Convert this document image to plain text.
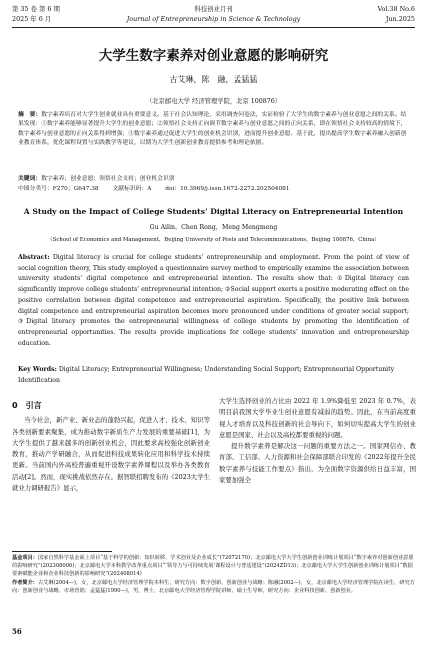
第 35 卷 第 6 期	科技创业月刊	Vol.38 No.6
2025 年 6 月	Journal of Entrepreneurship in Science & Technology	Jun.2025
大学生数字素养对创业意愿的影响研究
古艾琳，陈　融，孟猛猛
（北京邮电大学 经济管理学院，北京 100876）
摘　要：数字素养培育对大学生创业就业具有重要意义。基于社会认知理论，采用调查问卷法，实证检验了大学生的数字素养与创业意愿之间的关系。结果发现：①数字素养能够显著提升大学生的创业意愿；②领悟社会支持正向调节数字素养与创业意愿之间的正向关系，即在领悟社会支持较高的情境下，数字素养与创业意愿的正向关系得到增强；③数字素养通过促进大学生的创业机会识别，进而提升创业意愿。基于此，提出提高学生数字素养融入创新创业教育体系，优化课程设置与实践教学等建议，以期为大学生创新创业教育提供参考和理论依据。
关键词：数字素养；创业意愿；领悟社会支持；创业机会识别
中图分类号：F270；G647.38 文献标识码：A doi：10.3969/j.issn.1672-2272.202504081
A Study on the Impact of College Students’ Digital Literacy on Entrepreneurial Intention
Gu Ailin，Chen Rong，Meng Mengmeng
（School of Economics and Management，Beijing University of Posts and Telecommunications，Beijing 100876，China）
Abstract: Digital literacy is crucial for college students’ entrepreneurship and employment. From the point of view of social cognition theory, This study employed a questionnaire survey method to empirically examine the association between university students’ digital competence and entrepreneurial intention. The results show that: ①Digital literacy can significantly improve college students’ entrepreneurial intention; ②Social support exerts a positive moderating effect on the positive correlation between digital competence and entrepreneurial aspiration. Specifically, the positive link between digital competence and entrepreneurial aspiration becomes more pronounced under conditions of greater social support; ③Digital literacy promotes the entrepreneurial willingness of college students by promoting the identification of entrepreneurial opportunities. The results provide implications for college students’ innovation and entrepreneurship education.
Key Words: Digital Literacy; Entrepreneurial Willingness; Understanding Social Support; Entrepreneurial Opportunity Identification
0　引言

当今社会，新产业、新业态的蓬勃兴起，促进人才、技术、知识等各类创新要素聚集，成为推动数字新质生产力发展的重要基础[1]，为大学生提供了越来越多的创新创业机会，因此要求高校强化创新创业教育，推动产学研融合，从而促进科技成果转化应用和科学技术持续更新。当前国内外高校普遍重视开设数字素养课程以及举办各类教育活动[2]。然而，现实挑战依然存在。据智联招聘发布的《2023大学生就业力调研报告》显示，

大学生选择创业的占比由 2022 年 1.9%降低至 2023 年 0.7%，表明目前我国大学毕业生创业意愿有减弱的趋势。因此，在当前高度重视人才培育以及科技创新的社会导向下，如何切实提高大学生的创业意愿是国家、社会以及高校都要重视的问题。

提升数字素养是解决这一问题的重要方法之一。国家网信办、教育部、工信部、人力资源和社会保障部联合印发的《2022年提升全民数字素养与技能工作要点》指出，为全面数字资源供给日益丰富，国家要加强全

基金项目：国家自然科学基金面上项目“基于科学的创新：知识转移、学术创业及企业成长”(72072170)；北京邮电大学大学生创新创业训练计划项目“数字素养对创新创业意愿的影响研究”(202308006)；北京邮电大学本科教学改革重点项目“‘领导力与可持续发展’课程设计与普适建设”(2024ZD13)；北京邮电大学大学生创新创业训练计划项目“数据要素赋能企业和企业科技创新的影响研究”(202408014)
作者简介：古艾琳(2004—)，女，北京邮电大学经济管理学院本科生，研究方向：数字创新、创新创业与战略；陈融(2002—)，女，北京邮电大学经济管理学院在读生，研究方向：创新创业与战略、市场营销；孟猛猛(1990—)，男，博士，北京邮电大学经济管理学院讲师、硕士生导师，研究方向：企业科技创新、创新创业。
56
